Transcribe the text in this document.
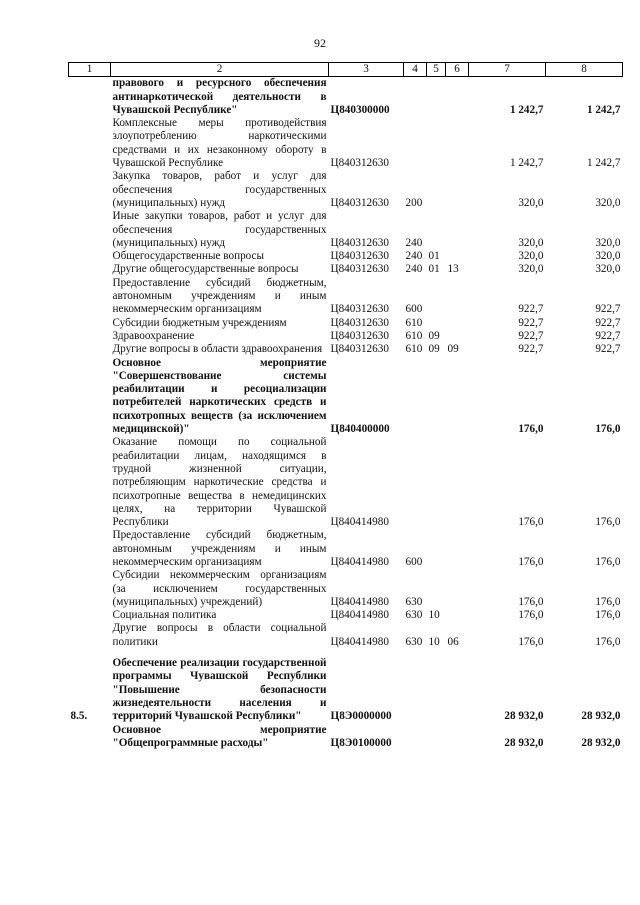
92
1	2	3	4	5	6	7	8
	правового и ресурсного обеспечения антинаркотической деятельности в Чувашской Республике"	Ц840300000				1 242,7	1 242,7
	Комплексные меры противодействия злоупотреблению наркотическими средствами и их незаконному обороту в Чувашской Республике	Ц840312630				1 242,7	1 242,7
	Закупка товаров, работ и услуг для обеспечения государственных (муниципальных) нужд	Ц840312630	200			320,0	320,0
	Иные закупки товаров, работ и услуг для обеспечения государственных (муниципальных) нужд	Ц840312630	240			320,0	320,0
	Общегосударственные вопросы	Ц840312630	240	01		320,0	320,0
	Другие общегосударственные вопросы	Ц840312630	240	01	13	320,0	320,0
	Предоставление субсидий бюджетным, автономным учреждениям и иным некоммерческим организациям	Ц840312630	600			922,7	922,7
	Субсидии бюджетным учреждениям	Ц840312630	610			922,7	922,7
	Здравоохранение	Ц840312630	610	09		922,7	922,7
	Другие вопросы в области здравоохранения	Ц840312630	610	09	09	922,7	922,7
	Основное мероприятие "Совершенствование системы реабилитации и ресоциализации потребителей наркотических средств и психотропных веществ (за исключением медицинской)"	Ц840400000				176,0	176,0
	Оказание помощи по социальной реабилитации лицам, находящимся в трудной жизненной ситуации, потребляющим наркотические средства и психотропные вещества в немедицинских целях, на территории Чувашской Республики	Ц840414980				176,0	176,0
	Предоставление субсидий бюджетным, автономным учреждениям и иным некоммерческим организациям	Ц840414980	600			176,0	176,0
	Субсидии некоммерческим организациям (за исключением государственных (муниципальных) учреждений)	Ц840414980	630			176,0	176,0
	Социальная политика	Ц840414980	630	10		176,0	176,0
	Другие вопросы в области социальной политики	Ц840414980	630	10	06	176,0	176,0
8.5.	Обеспечение реализации государственной программы Чувашской Республики "Повышение безопасности жизнедеятельности населения и территорий Чувашской Республики"	Ц8Э0000000				28 932,0	28 932,0
	Основное мероприятие "Общепрограммные расходы"	Ц8Э0100000				28 932,0	28 932,0
